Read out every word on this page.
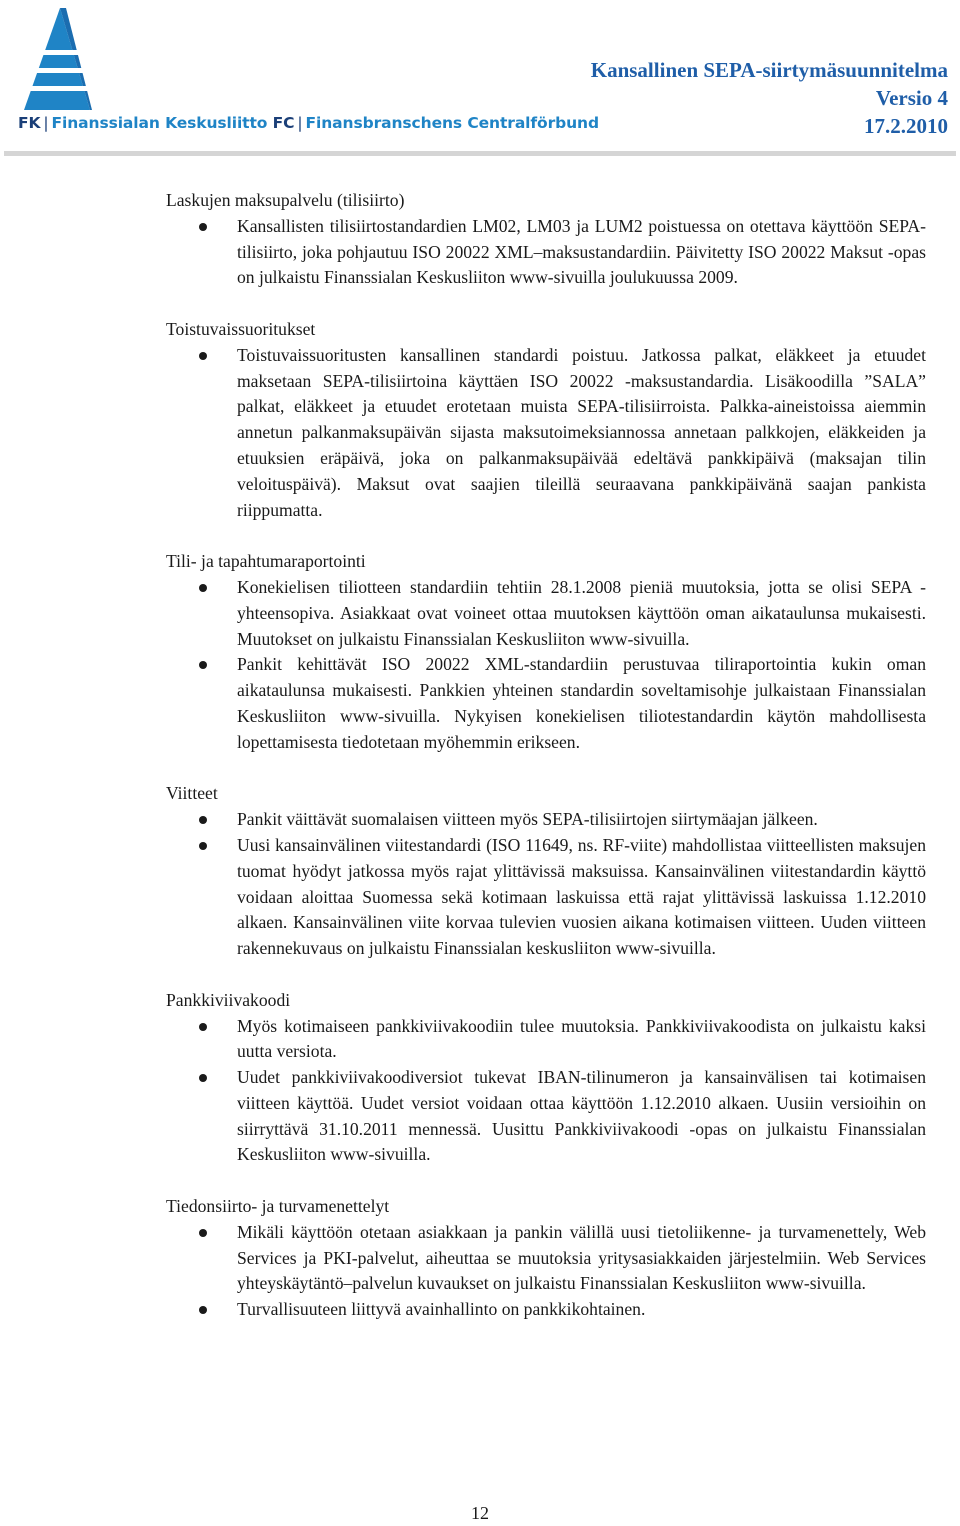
FK | Finanssialan Keskusliitto FC | Finansbranschens Centralförbund
Kansallinen SEPA-siirtymäsuunnitelma
Versio 4
17.2.2010
Laskujen maksupalvelu (tilisiirto)
Kansallisten tilisiirtostandardien LM02, LM03 ja LUM2 poistuessa on otettava käyttöön SEPA-tilisiirto, joka pohjautuu ISO 20022 XML–maksustandardiin. Päivitetty ISO 20022 Maksut -opas on julkaistu Finanssialan Keskusliiton www-sivuilla joulukuussa 2009.
Toistuvaissuoritukset
Toistuvaissuoritusten kansallinen standardi poistuu. Jatkossa palkat, eläkkeet ja etuudet maksetaan SEPA-tilisiirtoina käyttäen ISO 20022 -maksustandardia. Lisäkoodilla ”SALA” palkat, eläkkeet ja etuudet erotetaan muista SEPA-tilisiirroista. Palkka-aineistoissa aiemmin annetun palkanmaksupäivän sijasta maksutoimeksiannossa annetaan palkkojen, eläkkeiden ja etuuksien eräpäivä, joka on palkanmaksupäivää edeltävä pankkipäivä (maksajan tilin veloituspäivä). Maksut ovat saajien tileillä seuraavana pankkipäivänä saajan pankista riippumatta.
Tili- ja tapahtumaraportointi
Konekielisen tiliotteen standardiin tehtiin 28.1.2008 pieniä muutoksia, jotta se olisi SEPA -yhteensopiva. Asiakkaat ovat voineet ottaa muutoksen käyttöön oman aikataulunsa mukaisesti. Muutokset on julkaistu Finanssialan Keskusliiton www-sivuilla.
Pankit kehittävät ISO 20022 XML-standardiin perustuvaa tiliraportointia kukin oman aikataulunsa mukaisesti. Pankkien yhteinen standardin soveltamisohje julkaistaan Finanssialan Keskusliiton www-sivuilla. Nykyisen konekielisen tiliotestandardin käytön mahdollisesta lopettamisesta tiedotetaan myöhemmin erikseen.
Viitteet
Pankit väittävät suomalaisen viitteen myös SEPA-tilisiirtojen siirtymäajan jälkeen.
Uusi kansainvälinen viitestandardi (ISO 11649, ns. RF-viite) mahdollistaa viitteellisten maksujen tuomat hyödyt jatkossa myös rajat ylittävissä maksuissa. Kansainvälinen viitestandardin käyttö voidaan aloittaa Suomessa sekä kotimaan laskuissa että rajat ylittävissä laskuissa 1.12.2010 alkaen. Kansainvälinen viite korvaa tulevien vuosien aikana kotimaisen viitteen. Uuden viitteen rakennekuvaus on julkaistu Finanssialan keskusliiton www-sivuilla.
Pankkiviivakoodi
Myös kotimaiseen pankkiviivakoodiin tulee muutoksia. Pankkiviivakoodista on julkaistu kaksi uutta versiota.
Uudet pankkiviivakoodiversiot tukevat IBAN-tilinumeron ja kansainvälisen tai kotimaisen viitteen käyttöä. Uudet versiot voidaan ottaa käyttöön 1.12.2010 alkaen. Uusiin versioihin on siirryttävä 31.10.2011 mennessä. Uusittu Pankkiviivakoodi -opas on julkaistu Finanssialan Keskusliiton www-sivuilla.
Tiedonsiirto- ja turvamenettelyt
Mikäli käyttöön otetaan asiakkaan ja pankin välillä uusi tietoliikenne- ja turvamenettely, Web Services ja PKI-palvelut, aiheuttaa se muutoksia yritysasiakkaiden järjestelmiin. Web Services yhteyskäytäntö–palvelun kuvaukset on julkaistu Finanssialan Keskusliiton www-sivuilla.
Turvallisuuteen liittyvä avainhallinto on pankkikohtainen.
12
